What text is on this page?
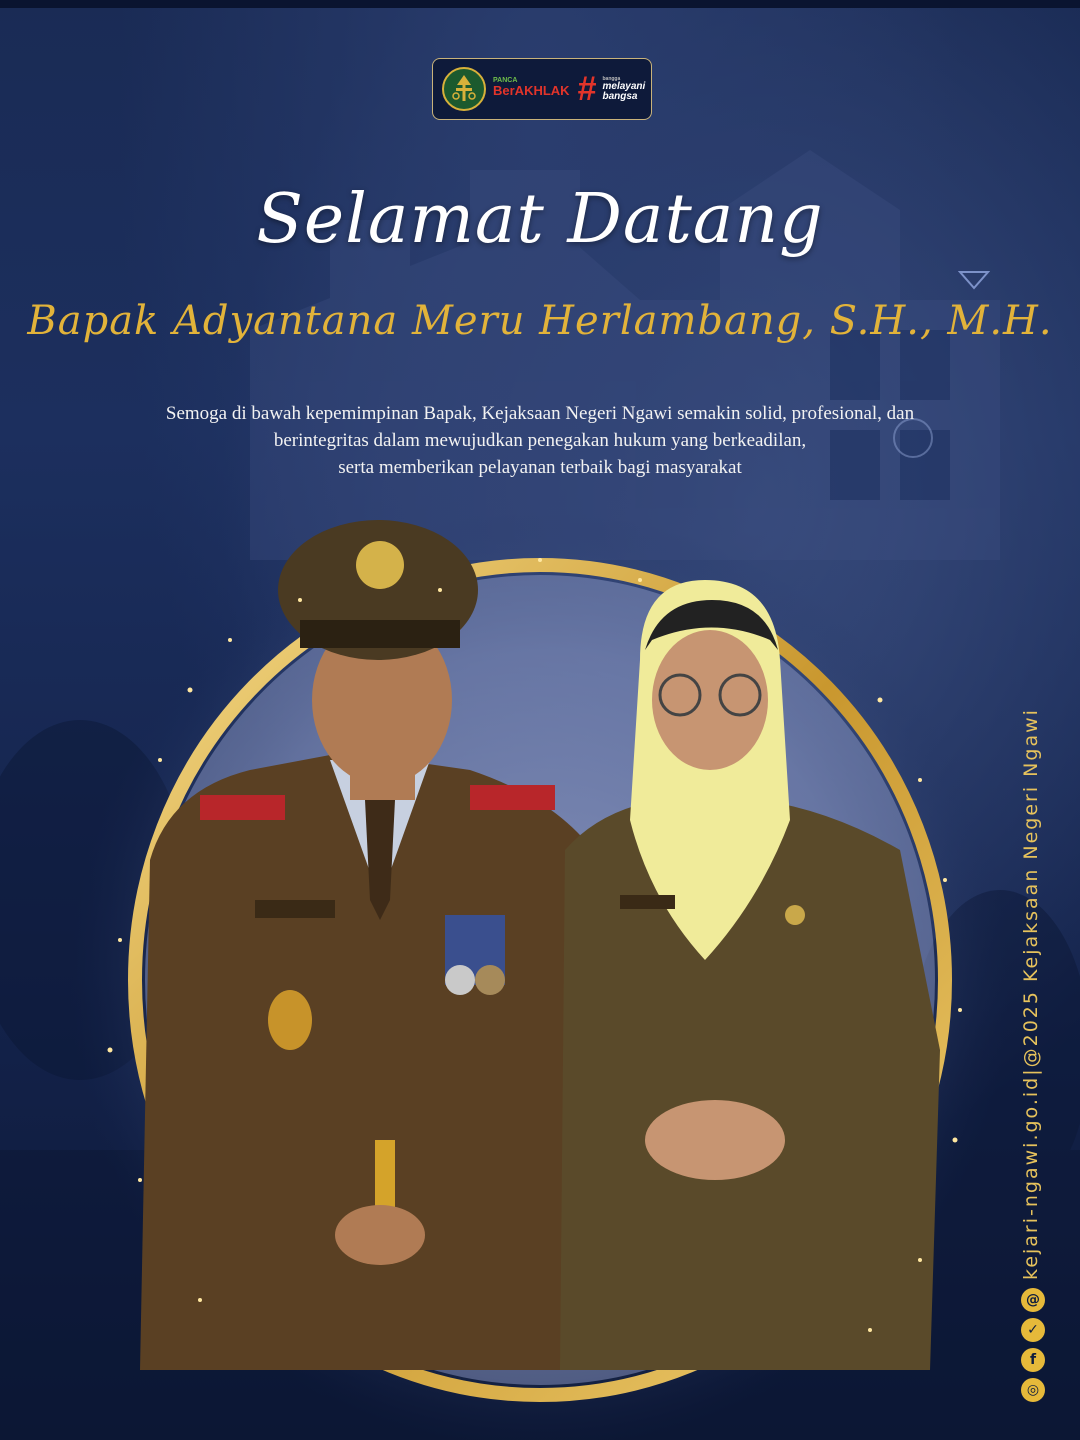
PANCA
BerAKHLAK
# bangga
melayani
bangsa
Selamat Datang
Bapak Adyantana Meru Herlambang, S.H., M.H.
Semoga di bawah kepemimpinan Bapak, Kejaksaan Negeri Ngawi semakin solid, profesional, dan
berintegritas dalam mewujudkan penegakan hukum yang berkeadilan,
serta memberikan pelayanan terbaik bagi masyarakat
kejari-ngawi.go.id|@2025 Kejaksaan Negeri Ngawi
◎
f
✓
@
